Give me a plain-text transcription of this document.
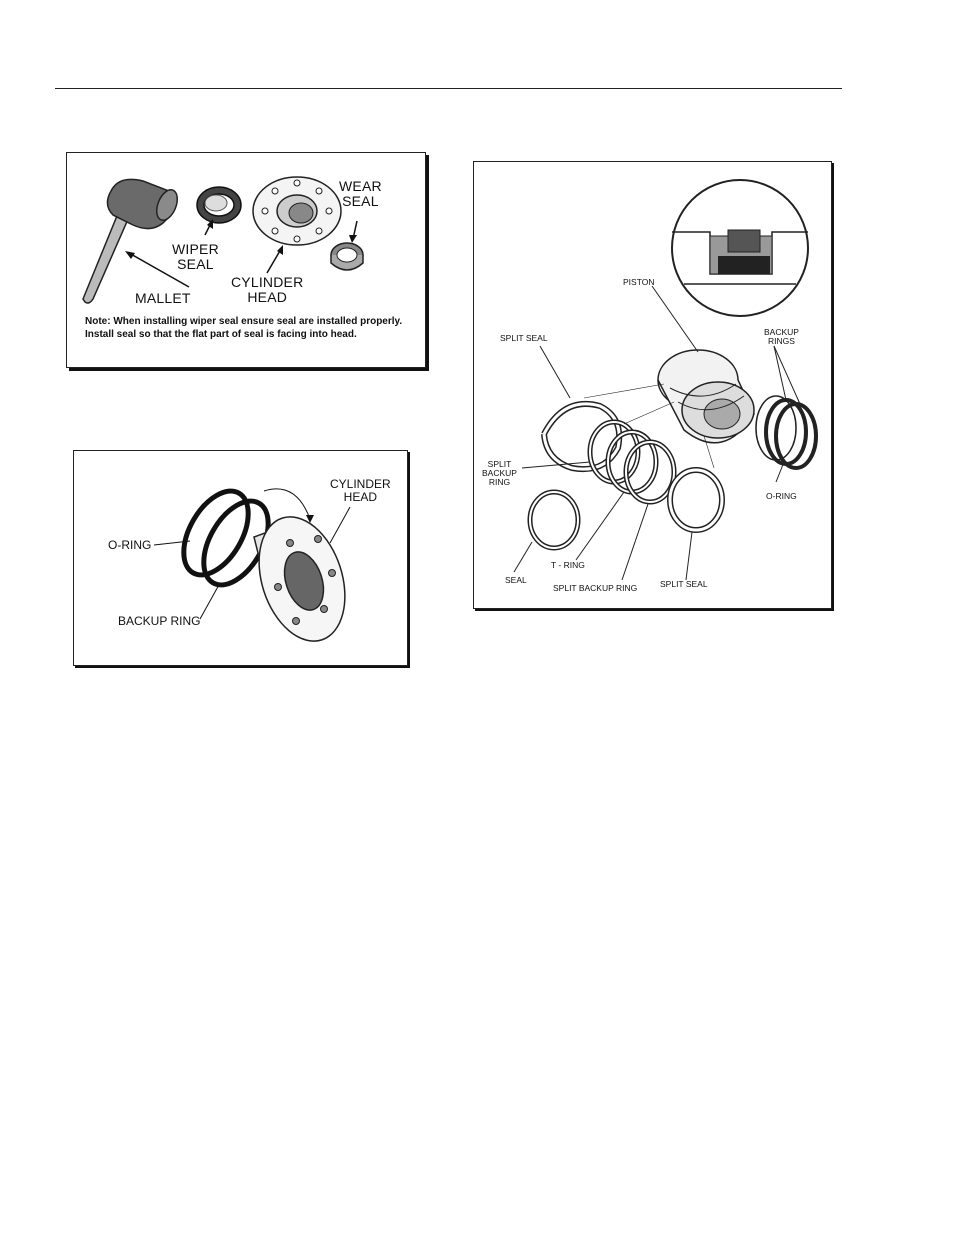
WEAR
SEAL
WIPER
SEAL
MALLET
CYLINDER
HEAD
Note: When installing wiper seal ensure seal are installed properly. Install seal so that the flat part of seal is facing into head.
CYLINDER
HEAD
O-RING
BACKUP RING
PISTON
SPLIT SEAL
BACKUP
RINGS
SPLIT
BACKUP
RING
O-RING
SEAL
T - RING
SPLIT BACKUP RING	SPLIT SEAL
